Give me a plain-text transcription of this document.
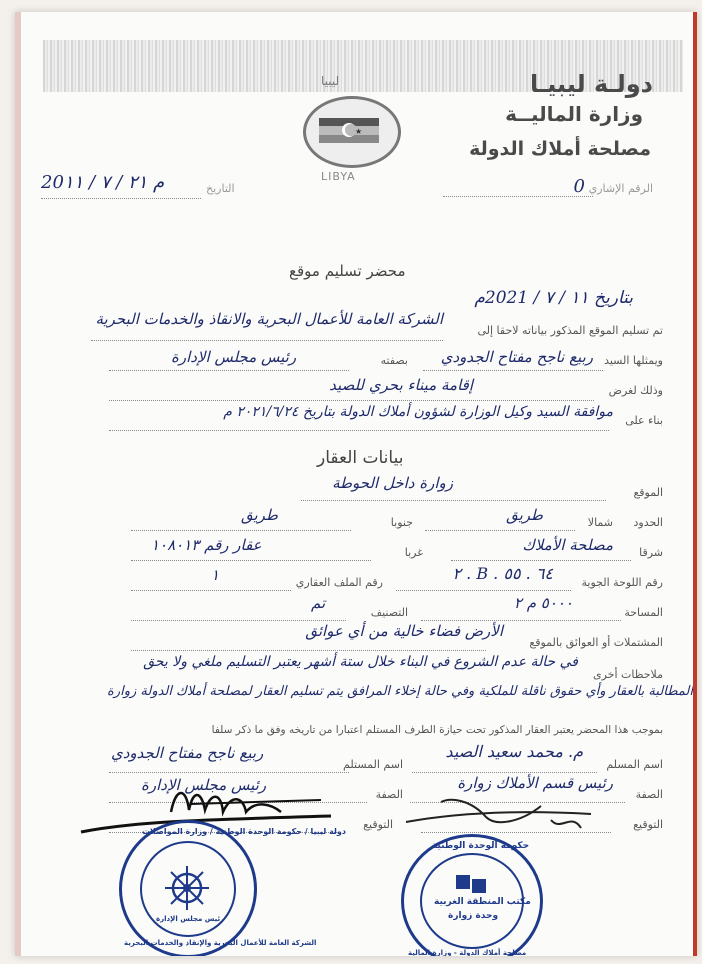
دولـة ليبيـا
وزارة الماليــة
مصلحة أملاك الدولة
ليبيا
★
LIBYA
الرقم الإشاري
0
التاريخ
20م ٢١ / ٧ / ١١
محضر تسليم موقع
بتاريخ ١١ / ٧ / 2021م
تم تسليم الموقع المذكور بياناته لاحقا إلى
الشركة العامة للأعمال البحرية والانقاذ والخدمات البحرية
ويمثلها السيد
ربيع ناجح مفتاح الجدودي
بصفته
رئيس مجلس الإدارة
وذلك لغرض
إقامة ميناء بحري للصيد
بناء على
موافقة السيد وكيل الوزارة لشؤون أملاك الدولة بتاريخ ٢٠٢١/٦/٢٤ م
بيانات العقار
الموقع
زوارة داخل الحوطة
الحدود
شمالا
طريق
جنوبا
طريق
شرقا
مصلحة الأملاك
غربا
عقار رقم ١٠٨٠١٣
رقم اللوحة الجوية
٦٤ . ٥٥ . B . ٢
رقم الملف العقاري
١
المساحة
٥٠٠٠ م ٢
التصنيف
تم
المشتملات أو العوائق بالموقع
الأرض فضاء خالية من أي عوائق
ملاحظات أخرى
في حالة عدم الشروع في البناء خلال ستة أشهر يعتبر التسليم ملغي ولا يحق
المطالبة بالعقار وأي حقوق ناقلة للملكية وفي حالة إخلاء المرافق يتم تسليم العقار لمصلحة أملاك الدولة زوارة
بموجب هذا المحضر يعتبر العقار المذكور تحت حيازة الطرف المستلم اعتبارا من تاريخه وفق ما ذكر سلفا
اسم المسلم
م. محمد سعيد الصيد
اسم المستلم
ربيع ناجح مفتاح الجدودي
الصفة
رئيس قسم الأملاك زوارة
الصفة
رئيس مجلس الإدارة
التوقيع
التوقيع
دولة ليبيا / حكومة الوحدة الوطنية / وزارة المواصلات
الشركة العامة للأعمال البحرية والإنقاذ والخدمات البحرية
رئيس مجلس الإدارة
حكومة الوحدة الوطنية
مكتب المنطقة الغربية
وحدة زوارة
مصلحة أملاك الدولة - وزارة المالية
